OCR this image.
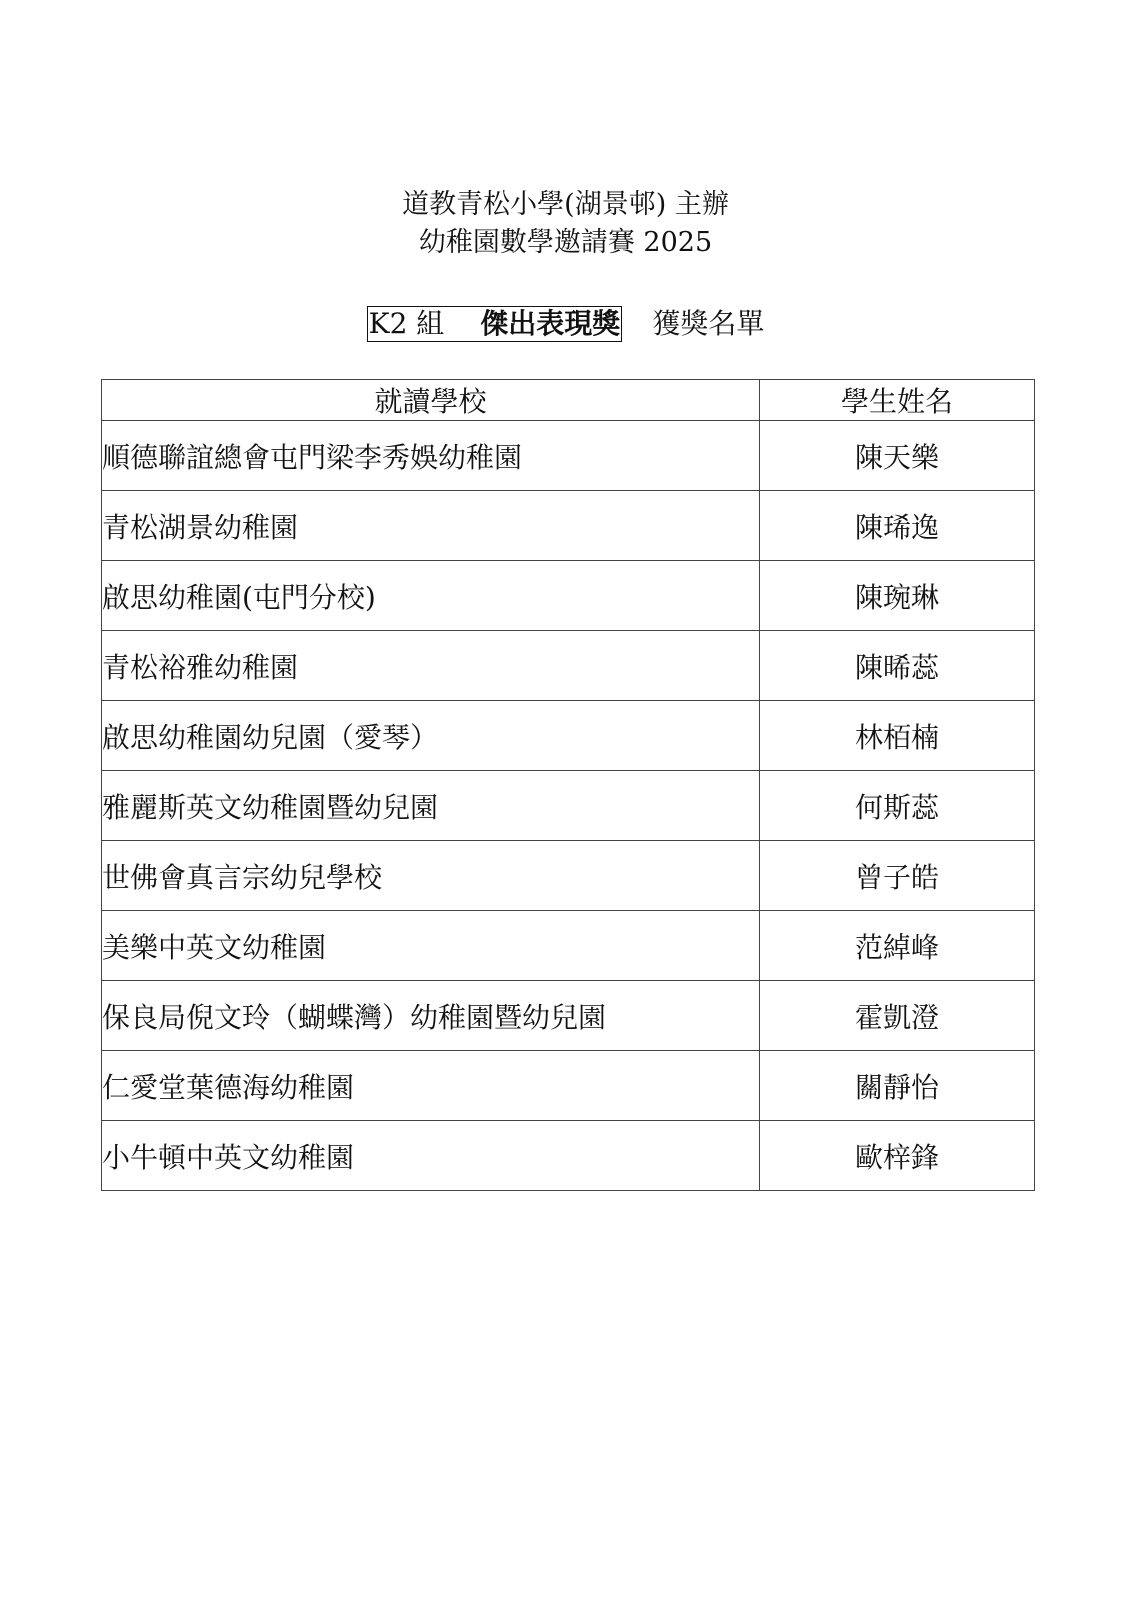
道教青松小學(湖景邨) 主辦
幼稚園數學邀請賽 2025
K2 組 傑出表現獎 獲獎名單
就讀學校	學生姓名
順德聯誼總會屯門梁李秀娛幼稚園	陳天樂
青松湖景幼稚園	陳琋逸
啟思幼稚園(屯門分校)	陳琬琳
青松裕雅幼稚園	陳晞蕊
啟思幼稚園幼兒園（愛琴）	林栢楠
雅麗斯英文幼稚園暨幼兒園	何斯蕊
世佛會真言宗幼兒學校	曾子皓
美樂中英文幼稚園	范綽峰
保良局倪文玲（蝴蝶灣）幼稚園暨幼兒園	霍凱澄
仁愛堂葉德海幼稚園	關靜怡
小牛頓中英文幼稚園	歐梓鋒
